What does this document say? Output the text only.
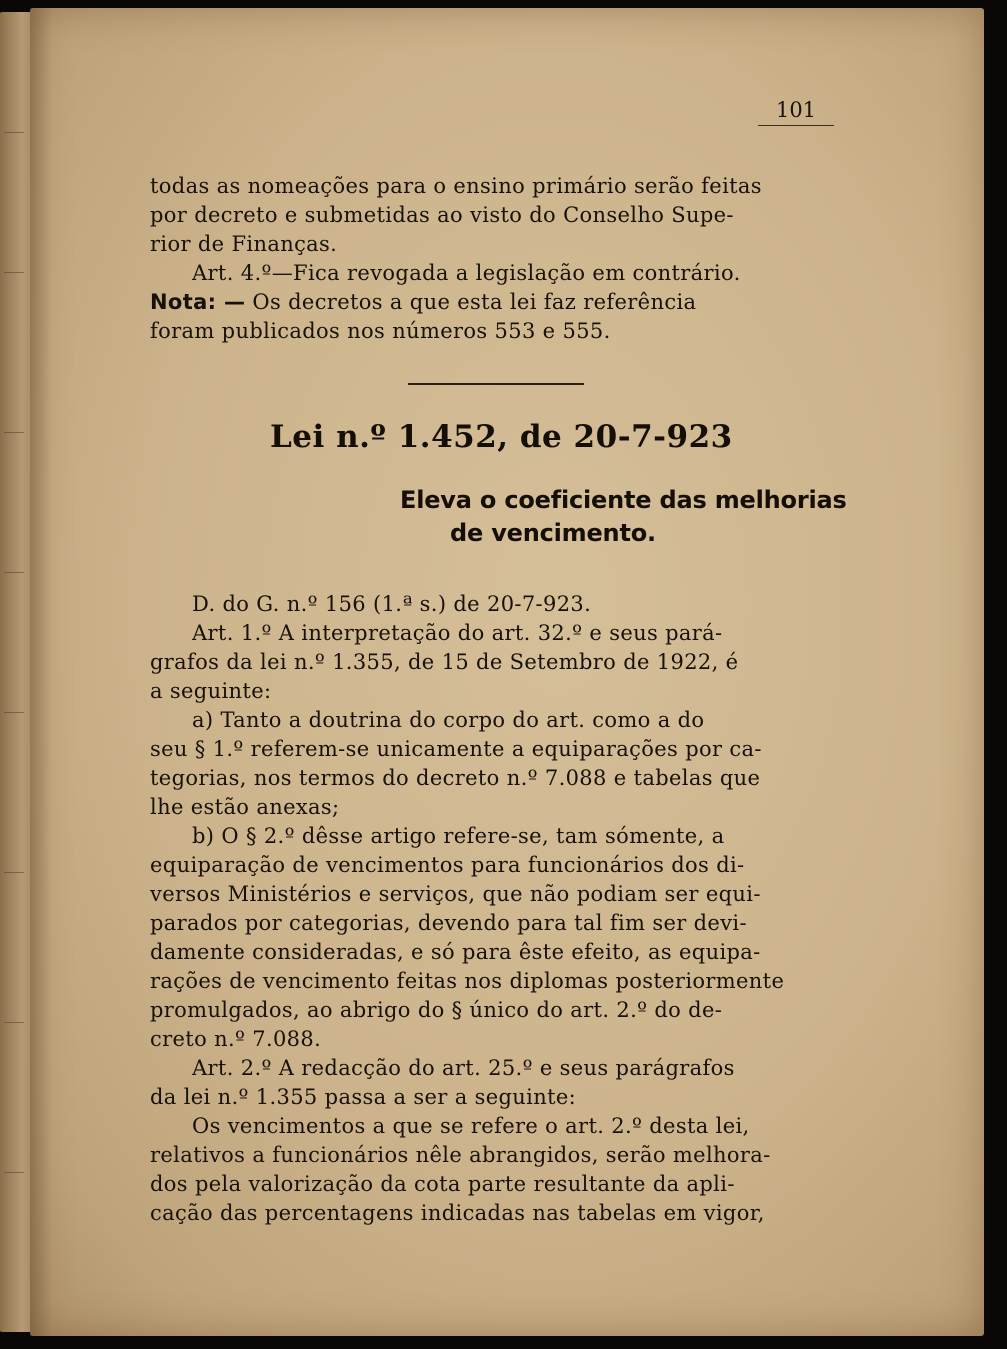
101
todas as nomeações para o ensino primário serão feitas
por decreto e submetidas ao visto do Conselho Supe-
rior de Finanças.
Art. 4.º—Fica revogada a legislação em contrário.
Nota: — Os decretos a que esta lei faz referência
foram publicados nos números 553 e 555.
Lei n.º 1.452, de 20-7-923
Eleva o coeficiente das melhorias
de vencimento.
D. do G. n.º 156 (1.ª s.) de 20-7-923.
Art. 1.º A interpretação do art. 32.º e seus pará-
grafos da lei n.º 1.355, de 15 de Setembro de 1922, é
a seguinte:
a) Tanto a doutrina do corpo do art. como a do
seu § 1.º referem-se unicamente a equiparações por ca-
tegorias, nos termos do decreto n.º 7.088 e tabelas que
lhe estão anexas;
b) O § 2.º dêsse artigo refere-se, tam sómente, a
equiparação de vencimentos para funcionários dos di-
versos Ministérios e serviços, que não podiam ser equi-
parados por categorias, devendo para tal fim ser devi-
damente consideradas, e só para êste efeito, as equipa-
rações de vencimento feitas nos diplomas posteriormente
promulgados, ao abrigo do § único do art. 2.º do de-
creto n.º 7.088.
Art. 2.º A redacção do art. 25.º e seus parágrafos
da lei n.º 1.355 passa a ser a seguinte:
Os vencimentos a que se refere o art. 2.º desta lei,
relativos a funcionários nêle abrangidos, serão melhora-
dos pela valorização da cota parte resultante da apli-
cação das percentagens indicadas nas tabelas em vigor,
